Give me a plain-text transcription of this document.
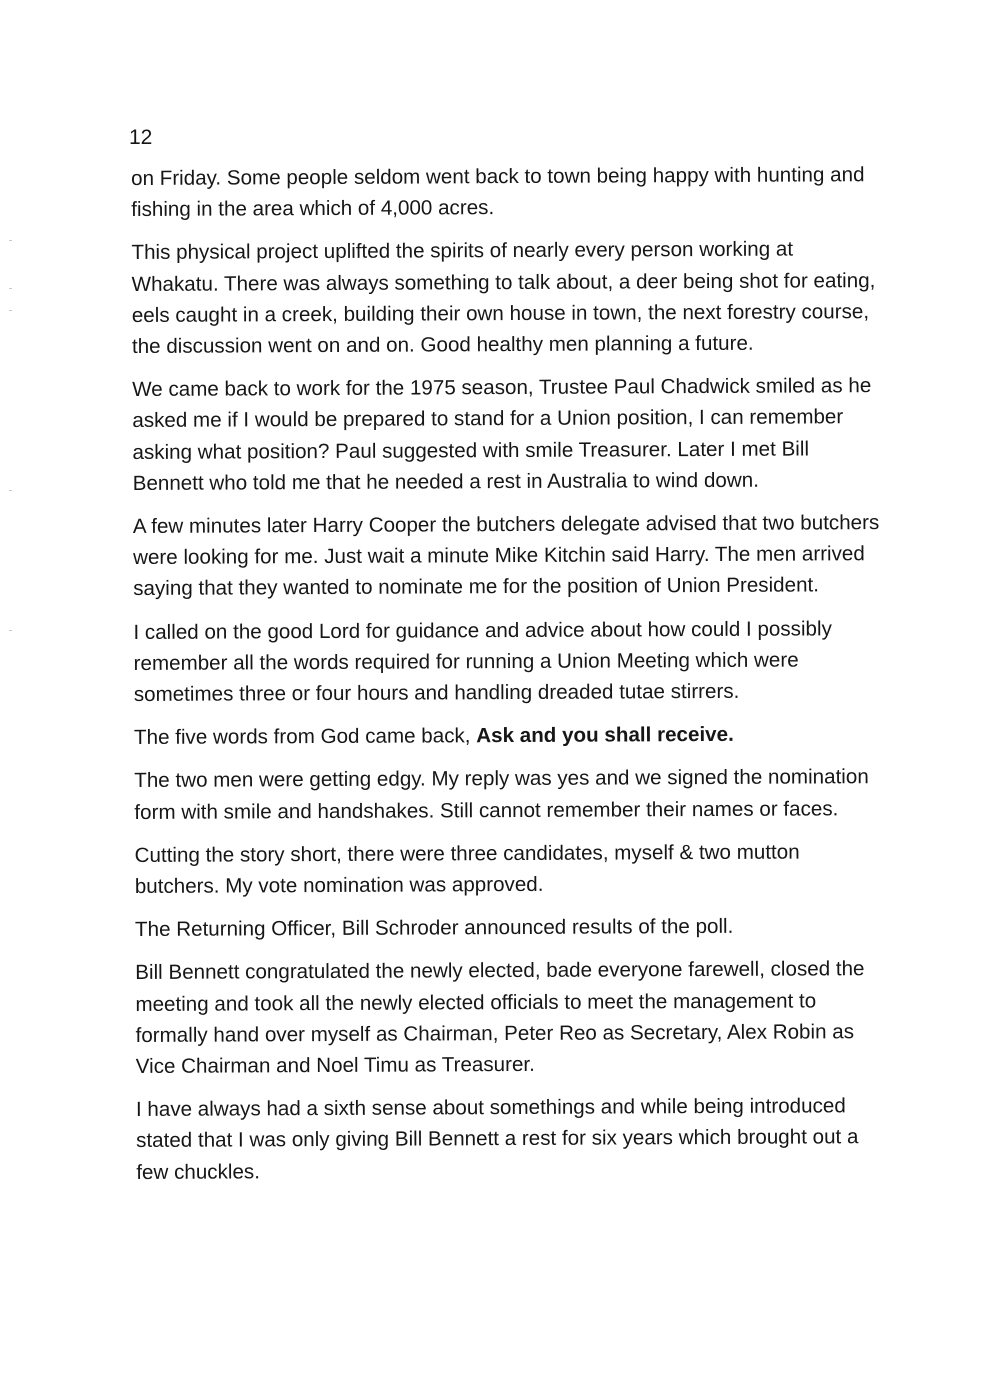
12

on Friday. Some people seldom went back to town being happy with hunting and fishing in the area which of 4,000 acres.

This physical project uplifted the spirits of nearly every person working at Whakatu. There was always something to talk about, a deer being shot for eating, eels caught in a creek, building their own house in town, the next forestry course, the discussion went on and on. Good healthy men planning a future.

We came back to work for the 1975 season, Trustee Paul Chadwick smiled as he asked me if I would be prepared to stand for a Union position, I can remember asking what position? Paul suggested with smile Treasurer. Later I met Bill Bennett who told me that he needed a rest in Australia to wind down.

A few minutes later Harry Cooper the butchers delegate advised that two butchers were looking for me. Just wait a minute Mike Kitchin said Harry. The men arrived saying that they wanted to nominate me for the position of Union President.

I called on the good Lord for guidance and advice about how could I possibly remember all the words required for running a Union Meeting which were sometimes three or four hours and handling dreaded tutae stirrers.

The five words from God came back, Ask and you shall receive.

The two men were getting edgy. My reply was yes and we signed the nomination form with smile and handshakes. Still cannot remember their names or faces.

Cutting the story short, there were three candidates, myself & two mutton butchers. My vote nomination was approved.

The Returning Officer, Bill Schroder announced results of the poll.

Bill Bennett congratulated the newly elected, bade everyone farewell, closed the meeting and took all the newly elected officials to meet the management to formally hand over myself as Chairman, Peter Reo as Secretary, Alex Robin as Vice Chairman and Noel Timu as Treasurer.

I have always had a sixth sense about somethings and while being introduced stated that I was only giving Bill Bennett a rest for six years which brought out a few chuckles.
